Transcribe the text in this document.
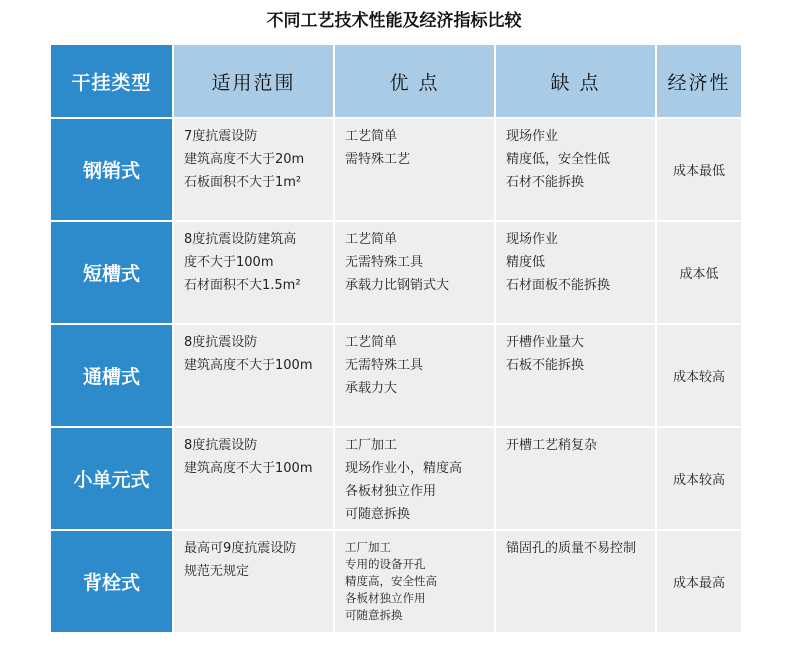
不同工艺技术性能及经济指标比较
干挂类型	适用范围	优 点	缺 点	经济性
钢销式	7度抗震设防
建筑高度不大于20m
石板面积不大于1m²	工艺简单
需特殊工艺	现场作业
精度低，安全性低
石材不能拆换	成本最低
短槽式	8度抗震设防建筑高
度不大于100m
石材面积不大1.5m²	工艺简单
无需特殊工具
承载力比钢销式大	现场作业
精度低
石材面板不能拆换	成本低
通槽式	8度抗震设防
建筑高度不大于100m	工艺简单
无需特殊工具
承载力大	开槽作业量大
石板不能拆换	成本较高
小单元式	8度抗震设防
建筑高度不大于100m	工厂加工
现场作业小，精度高
各板材独立作用
可随意拆换	开槽工艺稍复杂	成本较高
背栓式	最高可9度抗震设防
规范无规定	工厂加工
专用的设备开孔
精度高，安全性高
各板材独立作用
可随意拆换	锚固孔的质量不易控制	成本最高
